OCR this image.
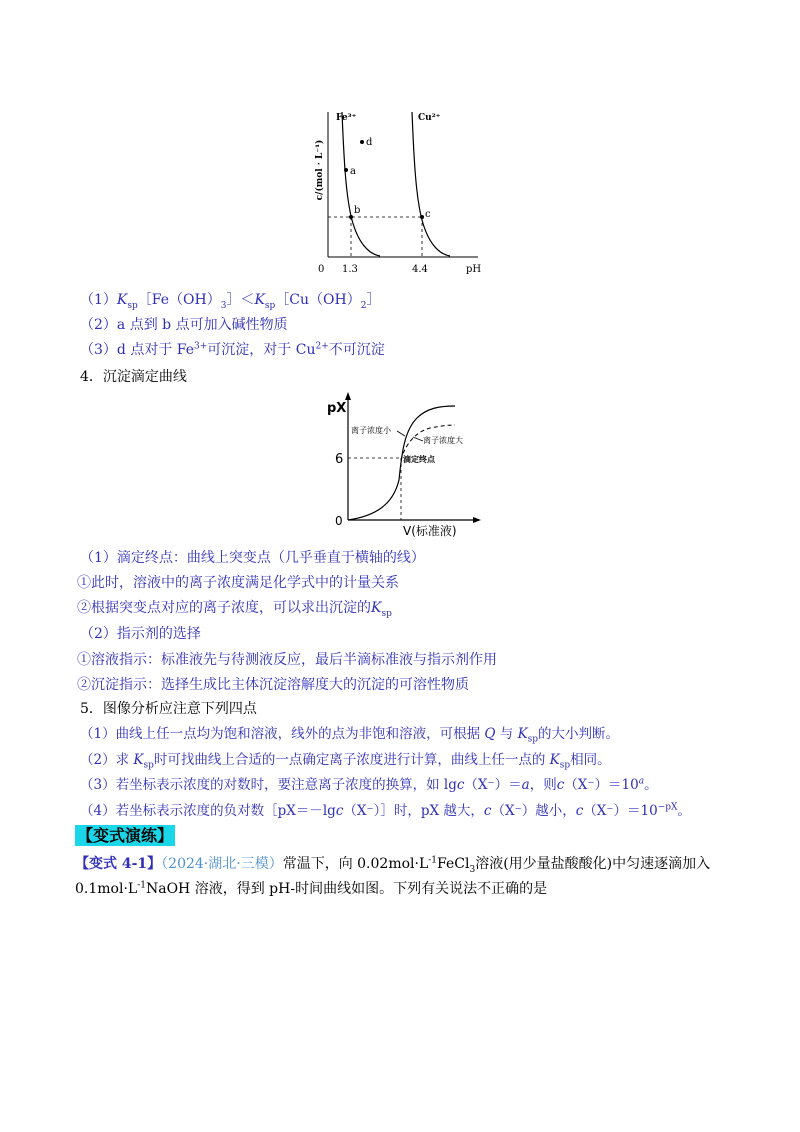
a
b	c
d
Fe³⁺	Cu²⁺
c/(mol · L⁻¹)
0 1.3	4.4	pH
$(1)K_{sp}[Fe(OH)_3]<K_{sp}[Cu(OH)_2]$
（2）a 点到 b 点可加入碱性物质
（3）d 点对于 $Fe^{3+}$可沉淀，对于 $Cu^{2+}$不可沉淀
4．沉淀滴定曲线
pX
6
0
离子浓度小
离子浓度大
滴定终点
V(标准液)
（1）滴定终点：曲线上突变点（几乎垂直于横轴的线）
①此时，溶液中的离子浓度满足化学式中的计量关系
②根据突变点对应的离子浓度，可以求出沉淀的$K_{sp}$
（2）指示剂的选择
①溶液指示：标准液先与待测液反应，最后半滴标准液与指示剂作用
②沉淀指示：选择生成比主体沉淀溶解度大的沉淀的可溶性物质
5．图像分析应注意下列四点
（1）曲线上任一点均为饱和溶液，线外的点为非饱和溶液，可根据 Q 与 $K_{sp}$的大小判断。
（2）求 $K_{sp}$时可找曲线上合适的一点确定离子浓度进行计算，曲线上任一点的 $K_{sp}$相同。
（3）若坐标表示浓度的对数时，要注意离子浓度的换算，如 lgc（X⁻）＝a，则$c(X^-)=10^a$。
（4）若坐标表示浓度的负对数［pX＝－lgc（X⁻）］时，pX 越大，c（X⁻）越小，$c(X^-)=10^{-pX}$。
【变式演练】
【变式 4-1】（2024·湖北·三模）常温下，向 $0.02mol\cdot L^{-1}FeCl_3$溶液(用少量盐酸酸化)中匀速逐滴加入
$0.1mol\cdot L^{-1}NaOH$ 溶液，得到 pH-时间曲线如图。下列有关说法不正确的是
